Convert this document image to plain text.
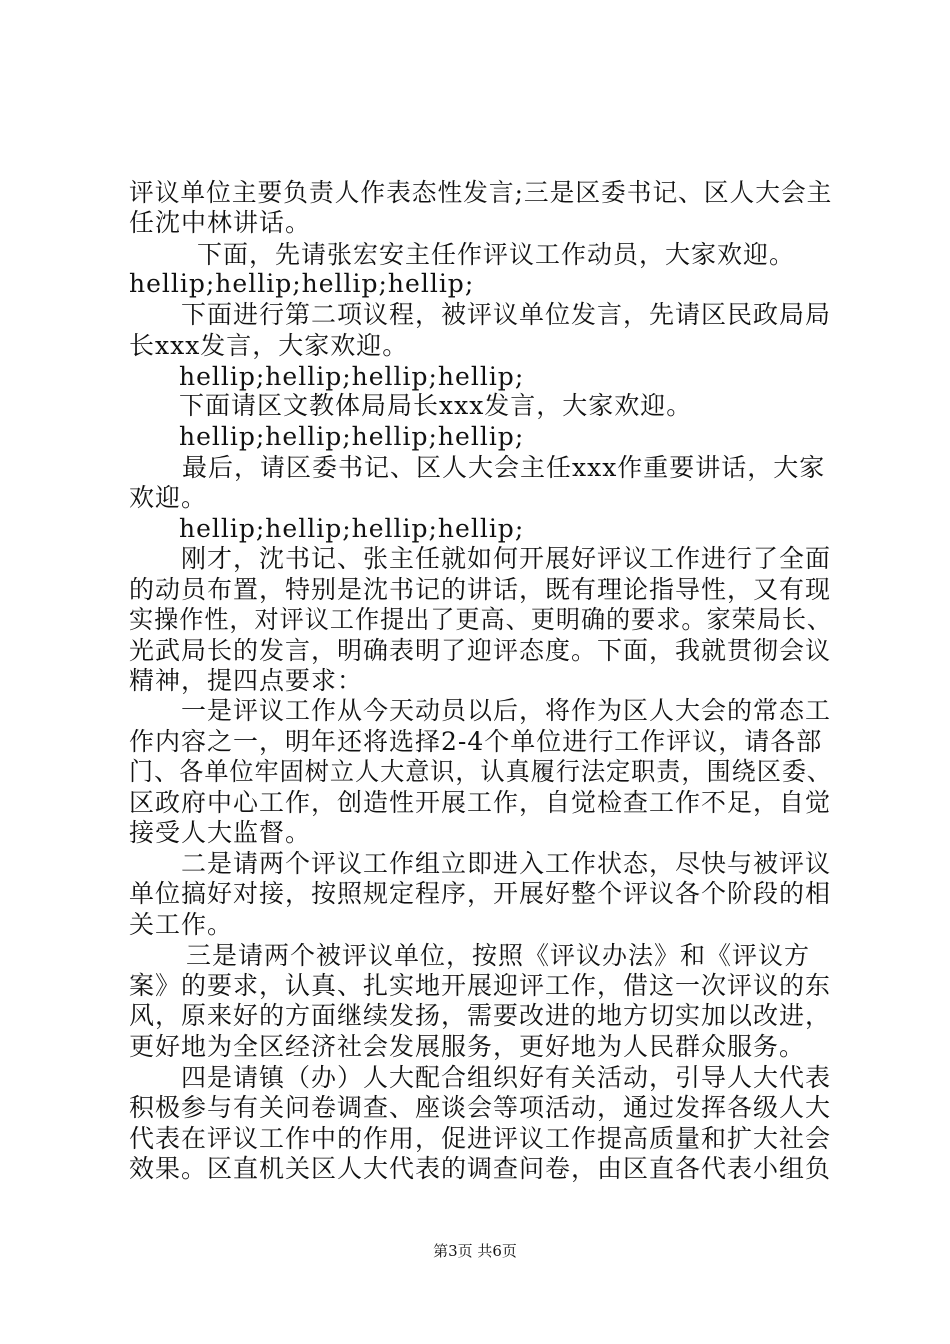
评议单位主要负责人作表态性发言;三是区委书记、区人大会主
任沈中林讲话。
下面，先请张宏安主任作评议工作动员，大家欢迎。
hellip;hellip;hellip;hellip;
下面进行第二项议程，被评议单位发言，先请区民政局局
长xxx发言，大家欢迎。
hellip;hellip;hellip;hellip;
下面请区文教体局局长xxx发言，大家欢迎。
hellip;hellip;hellip;hellip;
最后，请区委书记、区人大会主任xxx作重要讲话，大家
欢迎。
hellip;hellip;hellip;hellip;
刚才，沈书记、张主任就如何开展好评议工作进行了全面
的动员布置，特别是沈书记的讲话，既有理论指导性，又有现
实操作性，对评议工作提出了更高、更明确的要求。家荣局长、
光武局长的发言，明确表明了迎评态度。下面，我就贯彻会议
精神，提四点要求：
一是评议工作从今天动员以后，将作为区人大会的常态工
作内容之一，明年还将选择2-4个单位进行工作评议，请各部
门、各单位牢固树立人大意识，认真履行法定职责，围绕区委、
区政府中心工作，创造性开展工作，自觉检查工作不足，自觉
接受人大监督。
二是请两个评议工作组立即进入工作状态，尽快与被评议
单位搞好对接，按照规定程序，开展好整个评议各个阶段的相
关工作。
三是请两个被评议单位，按照《评议办法》和《评议方
案》的要求，认真、扎实地开展迎评工作，借这一次评议的东
风，原来好的方面继续发扬，需要改进的地方切实加以改进，
更好地为全区经济社会发展服务，更好地为人民群众服务。
四是请镇（办）人大配合组织好有关活动，引导人大代表
积极参与有关问卷调查、座谈会等项活动，通过发挥各级人大
代表在评议工作中的作用，促进评议工作提高质量和扩大社会
效果。区直机关区人大代表的调查问卷，由区直各代表小组负
第3页 共6页
